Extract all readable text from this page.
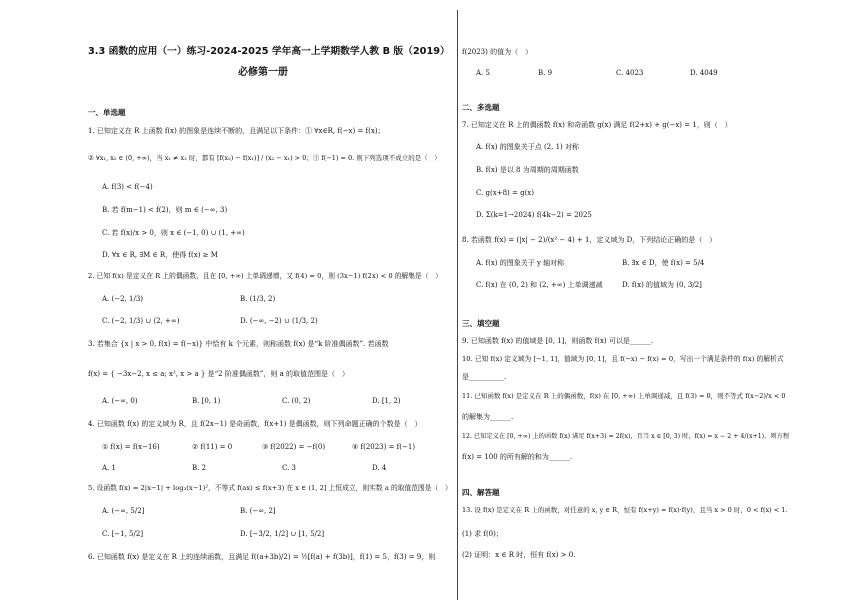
3.3 函数的应用（一）练习-2024-2025 学年高一上学期数学人教 B 版（2019）
必修第一册
一、单选题
1. 已知定义在 R 上函数 f(x) 的图象是连续不断的，且满足以下条件：① ∀x∈R, f(−x) = f(x)；
② ∀x₁, x₂ ∈ (0, +∞)，当 x₁ ≠ x₂ 时，都有 [f(x₂) − f(x₁)] / (x₂ − x₁) > 0；③ f(−1) = 0. 则下列选项不成立的是（　）
A. f(3) < f(−4)
B. 若 f(m−1) < f(2)，则 m ∈ (−∞, 3)
C. 若 f(x)/x > 0，则 x ∈ (−1, 0) ∪ (1, +∞)
D. ∀x ∈ R, ∃M ∈ R，使得 f(x) ≥ M
2. 已知 f(x) 是定义在 R 上的偶函数，且在 [0, +∞) 上单调递增，又 f(4) = 0，则 (3x−1) f(2x) < 0 的解集是（　）
A. (−2, 1/3)	B. (1/3, 2)
C. (−2, 1/3) ∪ (2, +∞)	D. (−∞, −2) ∪ (1/3, 2)
3. 若集合 {x | x > 0, f(x) = f(−x)} 中恰有 k 个元素，则称函数 f(x) 是“k 阶准偶函数”. 若函数
f(x) = { −3x−2, x ≤ a; x², x > a } 是“2 阶准偶函数”，则 a 的取值范围是（　）
A. (−∞, 0)	B. [0, 1)	C. (0, 2)	D. [1, 2)
4. 已知函数 f(x) 的定义域为 R，且 f(2x−1) 是奇函数，f(x+1) 是偶函数，则下列命题正确的个数是（　）
① f(x) = f(x−16)	② f(11) = 0	③ f(2022) = −f(0)	④ f(2023) = f(−1)
A. 1	B. 2	C. 3	D. 4
5. 设函数 f(x) = 2|x−1| + log₃(x−1)²，不等式 f(ax) ≤ f(x+3) 在 x ∈ (1, 2] 上恒成立，则实数 a 的取值范围是（　）
A. (−∞, 5/2]	B. (−∞, 2]
C. [−1, 5/2]	D. [−3/2, 1/2] ∪ [1, 5/2]
6. 已知函数 f(x) 是定义在 R 上的连续函数，且满足 f((a+3b)/2) = ½[f(a) + f(3b)]，f(1) = 5，f(3) = 9，则
f(2023) 的值为（　）
A. 5	B. 9	C. 4023	D. 4049
二、多选题
7. 已知定义在 R 上的偶函数 f(x) 和奇函数 g(x) 满足 f(2+x) + g(−x) = 1，则（　）
A. f(x) 的图象关于点 (2, 1) 对称
B. f(x) 是以 8 为周期的周期函数
C. g(x+8) = g(x)
D. Σ(k=1→2024) f(4k−2) = 2025
8. 若函数 f(x) = (|x| − 2)/(x² − 4) + 1，定义域为 D，下列结论正确的是（　）
A. f(x) 的图象关于 y 轴对称	B. ∃x ∈ D，使 f(x) = 5/4
C. f(x) 在 (0, 2) 和 (2, +∞) 上单调递减	D. f(x) 的值域为 (0, 3/2]
三、填空题
9. 已知函数 f(x) 的值域是 [0, 1]，则函数 f(x) 可以是______.
10. 已知 f(x) 定义域为 [−1, 1]，值域为 [0, 1]，且 f(−x) − f(x) = 0，写出一个满足条件的 f(x) 的解析式
是__________.
11. 已知函数 f(x) 是定义在 R 上的偶函数，f(x) 在 [0, +∞) 上单调递减，且 f(3) = 0，则不等式 f(x−2)/x < 0
的解集为______.
12. 已知定义在 [0, +∞) 上的函数 f(x) 满足 f(x+3) = 2f(x)，且当 x ∈ [0, 3) 时，f(x) = x − 2 + 4/(x+1)，则方程
f(x) = 100 的所有解的和为______.
四、解答题
13. 设 f(x) 是定义在 R 上的函数，对任意的 x, y ∈ R，恒有 f(x+y) = f(x)·f(y)，且当 x > 0 时，0 < f(x) < 1.
(1) 求 f(0)；
(2) 证明：x ∈ R 时，恒有 f(x) > 0.
